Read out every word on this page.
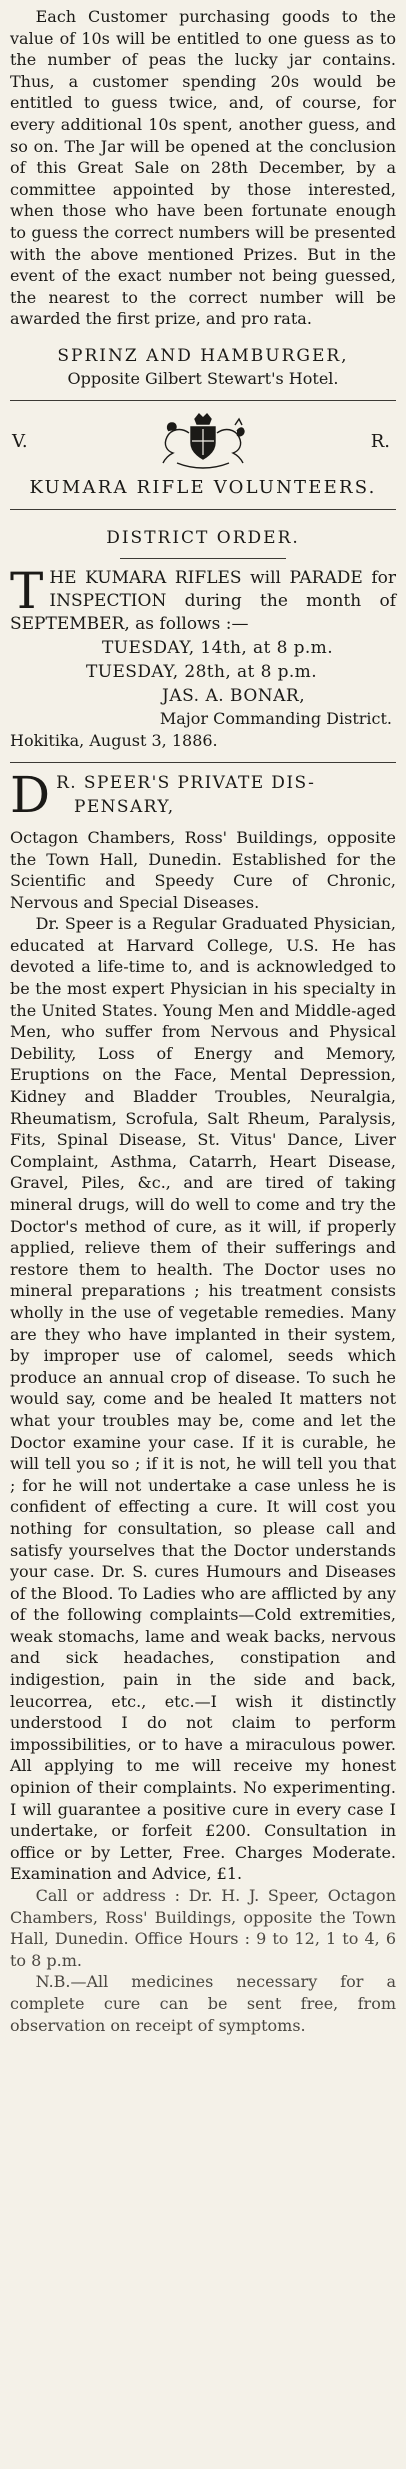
Each Customer purchasing goods to the value of 10s will be entitled to one guess as to the number of peas the lucky jar contains. Thus, a customer spending 20s would be entitled to guess twice, and, of course, for every additional 10s spent, another guess, and so on. The Jar will be opened at the conclusion of this Great Sale on 28th December, by a committee appointed by those interested, when those who have been fortunate enough to guess the correct numbers will be presented with the above mentioned Prizes. But in the event of the exact number not being guessed, the nearest to the correct number will be awarded the first prize, and pro rata.

SPRINZ AND HAMBURGER,

Opposite Gilbert Stewart's Hotel.

V.	R.

KUMARA RIFLE VOLUNTEERS.

DISTRICT ORDER.

T HE KUMARA RIFLES will PARADE for INSPECTION during the month of SEPTEMBER, as follows :—

TUESDAY, 14th, at 8 p.m.

TUESDAY, 28th, at 8 p.m.

JAS. A. BONAR,

Major Commanding District.

Hokitika, August 3, 1886.

D R. SPEER'S PRIVATE DIS-

PENSARY,

Octagon Chambers, Ross' Buildings, opposite the Town Hall, Dunedin. Established for the Scientific and Speedy Cure of Chronic, Nervous and Special Diseases.

Dr. Speer is a Regular Graduated Physician, educated at Harvard College, U.S. He has devoted a life-time to, and is acknowledged to be the most expert Physician in his specialty in the United States. Young Men and Middle-aged Men, who suffer from Nervous and Physical Debility, Loss of Energy and Memory, Eruptions on the Face, Mental Depression, Kidney and Bladder Troubles, Neuralgia, Rheumatism, Scrofula, Salt Rheum, Paralysis, Fits, Spinal Disease, St. Vitus' Dance, Liver Complaint, Asthma, Catarrh, Heart Disease, Gravel, Piles, &c., and are tired of taking mineral drugs, will do well to come and try the Doctor's method of cure, as it will, if properly applied, relieve them of their sufferings and restore them to health. The Doctor uses no mineral preparations ; his treatment consists wholly in the use of vegetable remedies. Many are they who have implanted in their system, by improper use of calomel, seeds which produce an annual crop of disease. To such he would say, come and be healed It matters not what your troubles may be, come and let the Doctor examine your case. If it is curable, he will tell you so ; if it is not, he will tell you that ; for he will not undertake a case unless he is confident of effecting a cure. It will cost you nothing for consultation, so please call and satisfy yourselves that the Doctor understands your case. Dr. S. cures Humours and Diseases of the Blood. To Ladies who are afflicted by any of the following complaints—Cold extremities, weak stomachs, lame and weak backs, nervous and sick headaches, constipation and indigestion, pain in the side and back, leucorrea, etc., etc.—I wish it distinctly understood I do not claim to perform impossibilities, or to have a miraculous power. All applying to me will receive my honest opinion of their complaints. No experimenting. I will guarantee a positive cure in every case I undertake, or forfeit £200. Consultation in office or by Letter, Free. Charges Moderate. Examination and Advice, £1.

Call or address : Dr. H. J. Speer, Octagon Chambers, Ross' Buildings, opposite the Town Hall, Dunedin. Office Hours : 9 to 12, 1 to 4, 6 to 8 p.m.

N.B.—All medicines necessary for a complete cure can be sent free, from observation on receipt of symptoms.
